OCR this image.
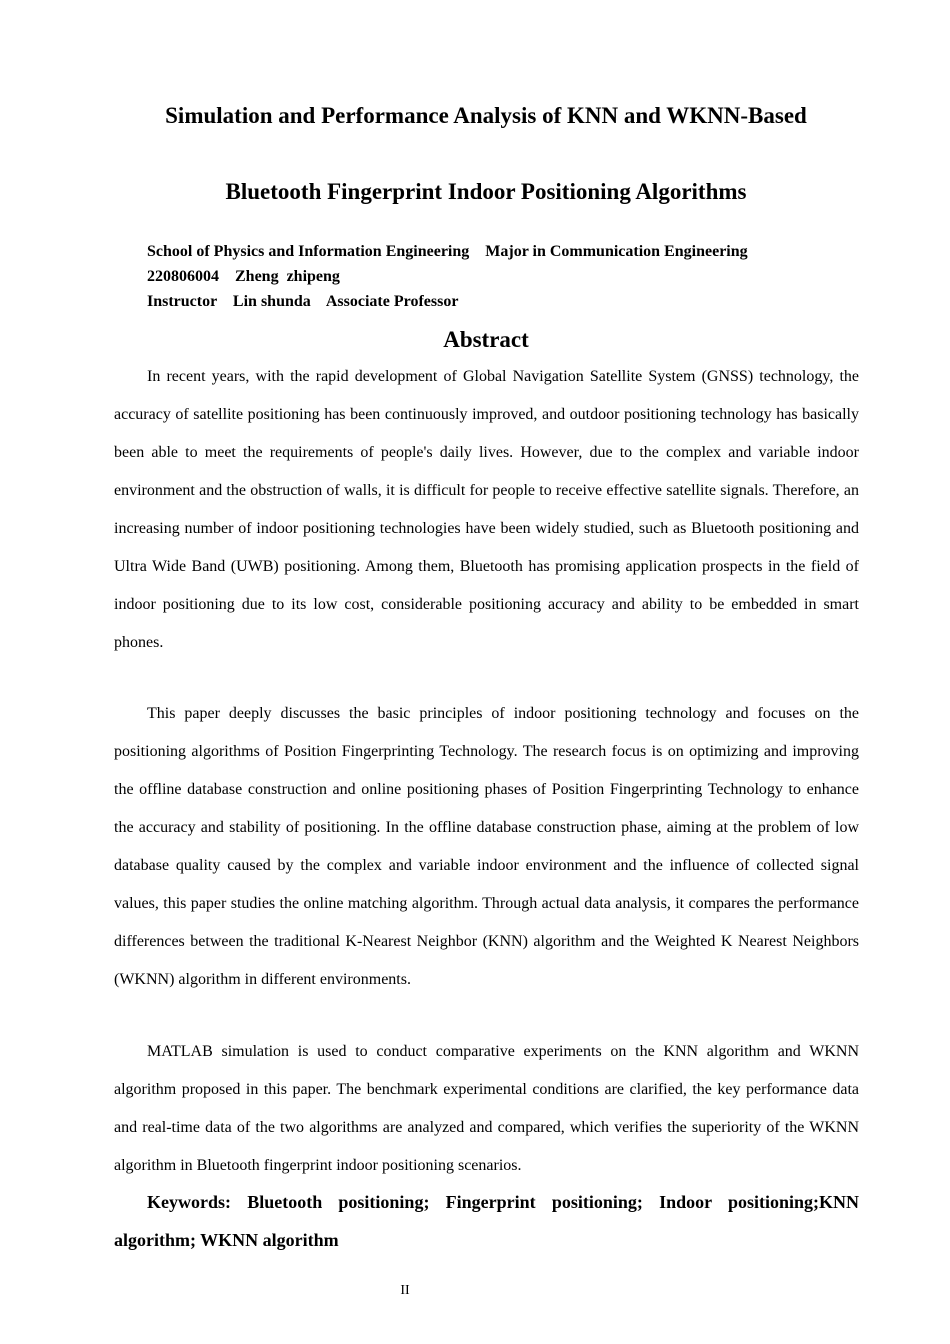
Simulation and Performance Analysis of KNN and WKNN-Based
Bluetooth Fingerprint Indoor Positioning Algorithms
School of Physics and Information Engineering    Major in Communication Engineering
220806004    Zheng  zhipeng
Instructor    Lin shunda    Associate Professor
Abstract

In recent years, with the rapid development of Global Navigation Satellite System (GNSS) technology, the accuracy of satellite positioning has been continuously improved, and outdoor positioning technology has basically been able to meet the requirements of people's daily lives. However, due to the complex and variable indoor environment and the obstruction of walls, it is difficult for people to receive effective satellite signals. Therefore, an increasing number of indoor positioning technologies have been widely studied, such as Bluetooth positioning and Ultra Wide Band (UWB) positioning. Among them, Bluetooth has promising application prospects in the field of indoor positioning due to its low cost, considerable positioning accuracy and ability to be embedded in smart phones.

This paper deeply discusses the basic principles of indoor positioning technology and focuses on the positioning algorithms of Position Fingerprinting Technology. The research focus is on optimizing and improving the offline database construction and online positioning phases of Position Fingerprinting Technology to enhance the accuracy and stability of positioning. In the offline database construction phase, aiming at the problem of low database quality caused by the complex and variable indoor environment and the influence of collected signal values, this paper studies the online matching algorithm. Through actual data analysis, it compares the performance differences between the traditional K-Nearest Neighbor (KNN) algorithm and the Weighted K Nearest Neighbors (WKNN) algorithm in different environments.

MATLAB simulation is used to conduct comparative experiments on the KNN algorithm and WKNN algorithm proposed in this paper. The benchmark experimental conditions are clarified, the key performance data and real-time data of the two algorithms are analyzed and compared, which verifies the superiority of the WKNN algorithm in Bluetooth fingerprint indoor positioning scenarios.

Keywords: Bluetooth positioning; Fingerprint positioning; Indoor positioning;KNN algorithm; WKNN algorithm

II
